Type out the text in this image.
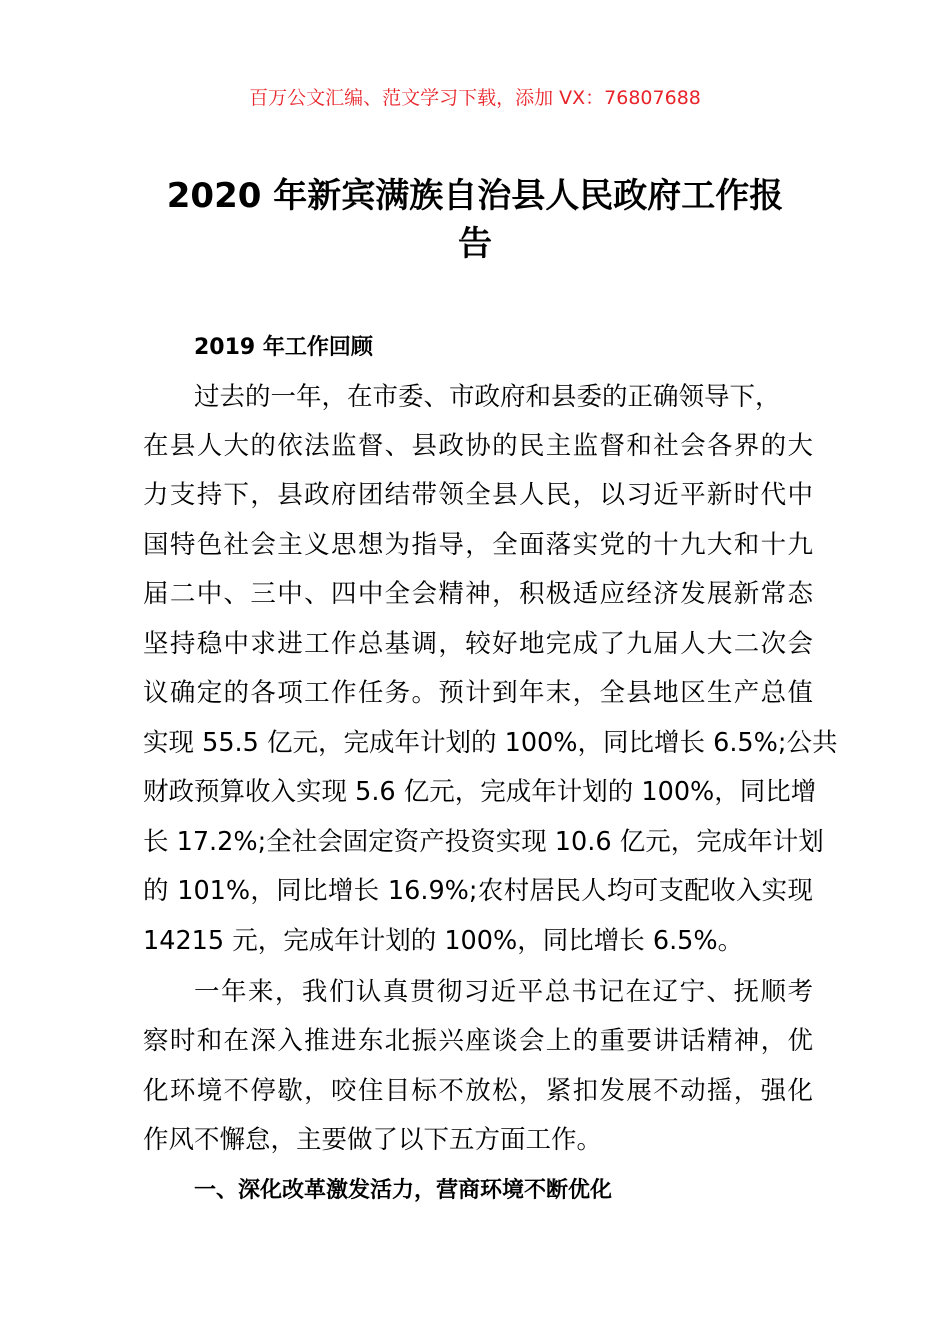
百万公文汇编、范文学习下载，添加 VX：76807688
2020 年新宾满族自治县人民政府工作报
告
2019 年工作回顾
过去的一年，在市委、市政府和县委的正确领导下，
在县人大的依法监督、县政协的民主监督和社会各界的大
力支持下，县政府团结带领全县人民，以习近平新时代中
国特色社会主义思想为指导，全面落实党的十九大和十九
届二中、三中、四中全会精神，积极适应经济发展新常态
坚持稳中求进工作总基调，较好地完成了九届人大二次会
议确定的各项工作任务。预计到年末，全县地区生产总值
实现 55.5 亿元，完成年计划的 100%，同比增长 6.5%;公共
财政预算收入实现 5.6 亿元，完成年计划的 100%，同比增
长 17.2%;全社会固定资产投资实现 10.6 亿元，完成年计划
的 101%，同比增长 16.9%;农村居民人均可支配收入实现
14215 元，完成年计划的 100%，同比增长 6.5%。
一年来，我们认真贯彻习近平总书记在辽宁、抚顺考
察时和在深入推进东北振兴座谈会上的重要讲话精神，优
化环境不停歇，咬住目标不放松，紧扣发展不动摇，强化
作风不懈怠，主要做了以下五方面工作。
一、深化改革激发活力，营商环境不断优化
